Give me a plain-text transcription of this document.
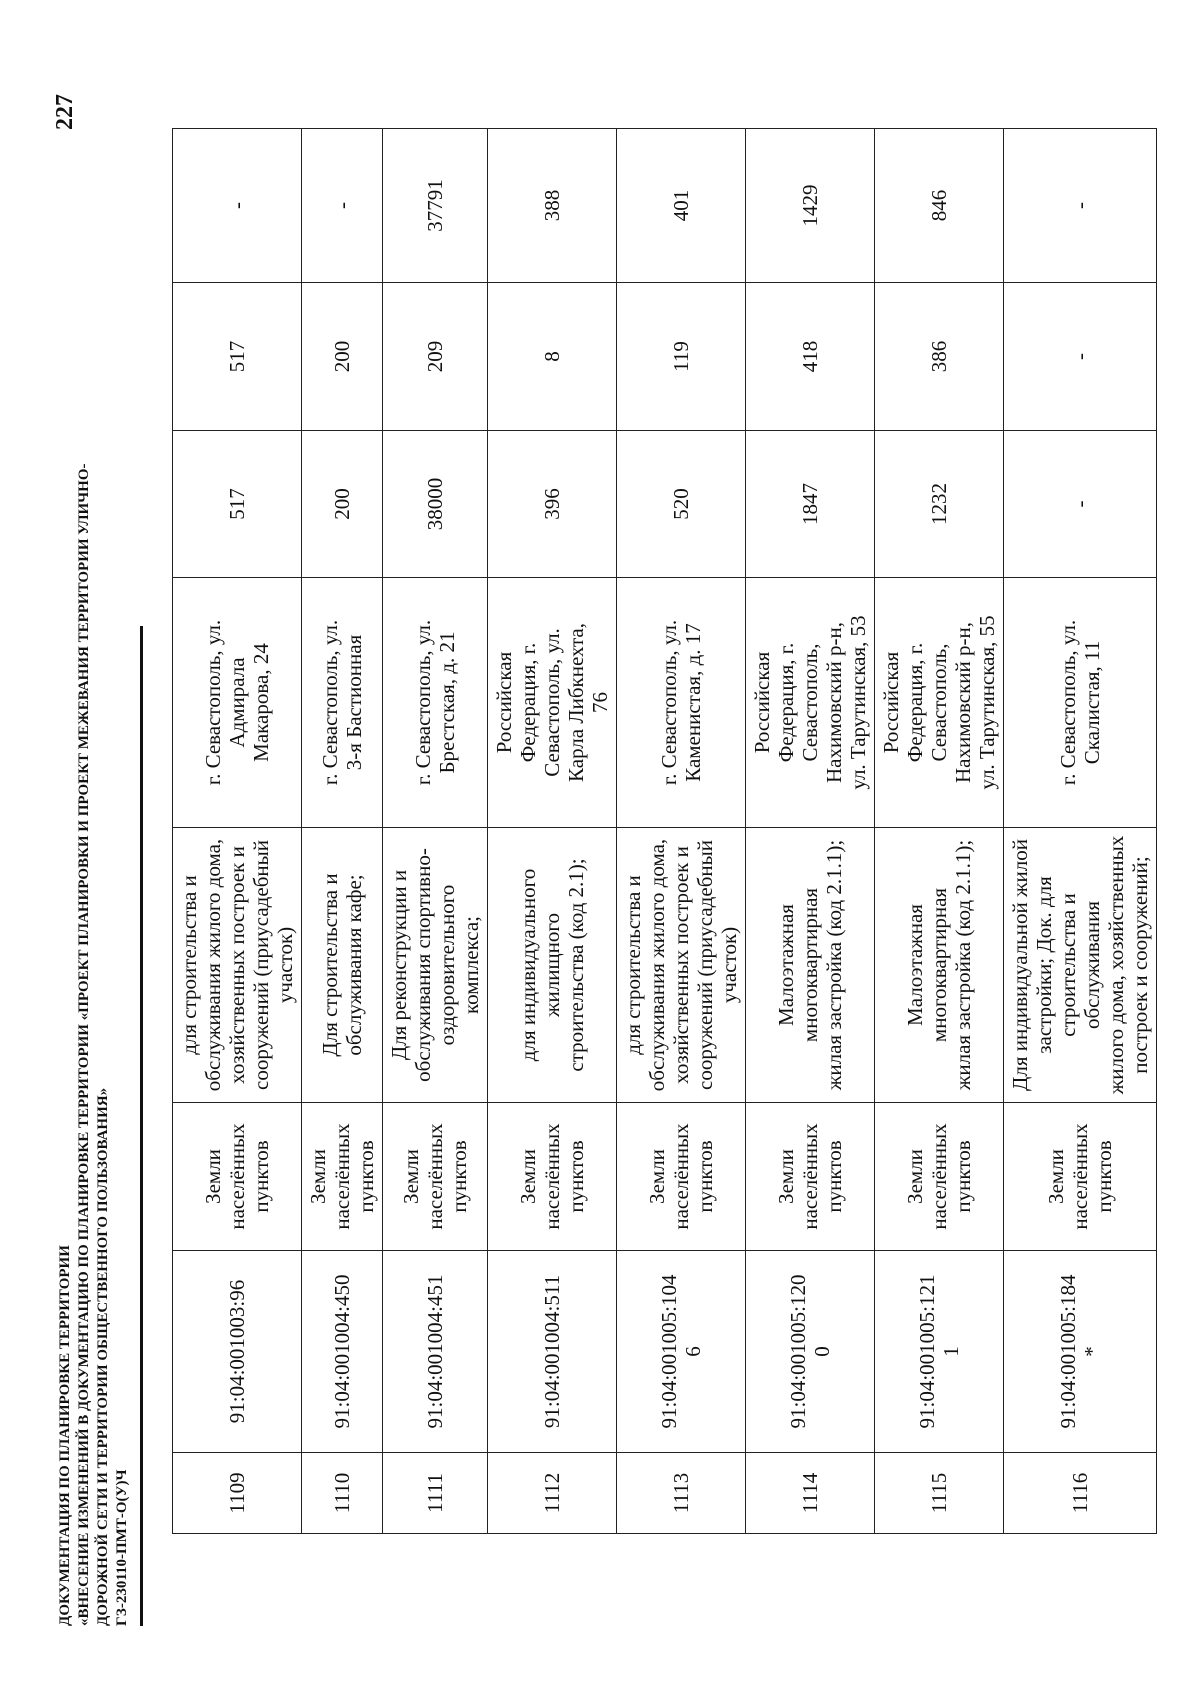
227
ДОКУМЕНТАЦИЯ ПО ПЛАНИРОВКЕ ТЕРРИТОРИИ «ВНЕСЕНИЕ ИЗМЕНЕНИЙ В ДОКУМЕНТАЦИЮ ПО ПЛАНИРОВКЕ ТЕРРИТОРИИ «ПРОЕКТ ПЛАНИРОВКИ И ПРОЕКТ МЕЖЕВАНИЯ ТЕРРИТОРИИ УЛИЧНО- ДОРОЖНОЙ СЕТИ И ТЕРРИТОРИИ ОБЩЕСТВЕННОГО ПОЛЬЗОВАНИЯ» ГЗ-230110-ПМТ-О(У)Ч	1109	91:04:001003:96	Земли
населённых
пунктов	для строительства и
обслуживания жилого дома,
хозяйственных построек и
сооружений (приусадебный
участок)	г. Севастополь, ул.
Адмирала
Макарова, 24	517	517	-
1110	91:04:001004:450	Земли
населённых
пунктов	Для строительства и
обслуживания кафе;	г. Севастополь, ул.
3-я Бастионная	200	200	-
1111	91:04:001004:451	Земли
населённых
пунктов	Для реконструкции и
обслуживания спортивно-
оздоровительного комплекса;	г. Севастополь, ул.
Брестская, д. 21	38000	209	37791
1112	91:04:001004:511	Земли
населённых
пунктов	для индивидуального жилищного
строительства (код 2.1);	Российская
Федерация, г.
Севастополь, ул.
Карла Либкнехта,
76	396	8	388
1113	91:04:001005:104
6	Земли
населённых
пунктов	для строительства и
обслуживания жилого дома,
хозяйственных построек и
сооружений (приусадебный
участок)	г. Севастополь, ул.
Каменистая, д. 17	520	119	401
1114	91:04:001005:120
0	Земли
населённых
пунктов	Малоэтажная многоквартирная
жилая застройка (код 2.1.1);	Российская
Федерация, г.
Севастополь,
Нахимовский р-н,
ул. Тарутинская, 53	1847	418	1429
1115	91:04:001005:121
1	Земли
населённых
пунктов	Малоэтажная многоквартирная
жилая застройка (код 2.1.1);	Российская
Федерация, г.
Севастополь,
Нахимовский р-н,
ул. Тарутинская, 55	1232	386	846
1116	91:04:001005:184
*	Земли
населённых
пунктов	Для индивидуальной жилой
застройки; Док. для
строительства и обслуживания
жилого дома, хозяйственных
построек и сооружений;	г. Севастополь, ул.
Скалистая, 11	-	-	-
